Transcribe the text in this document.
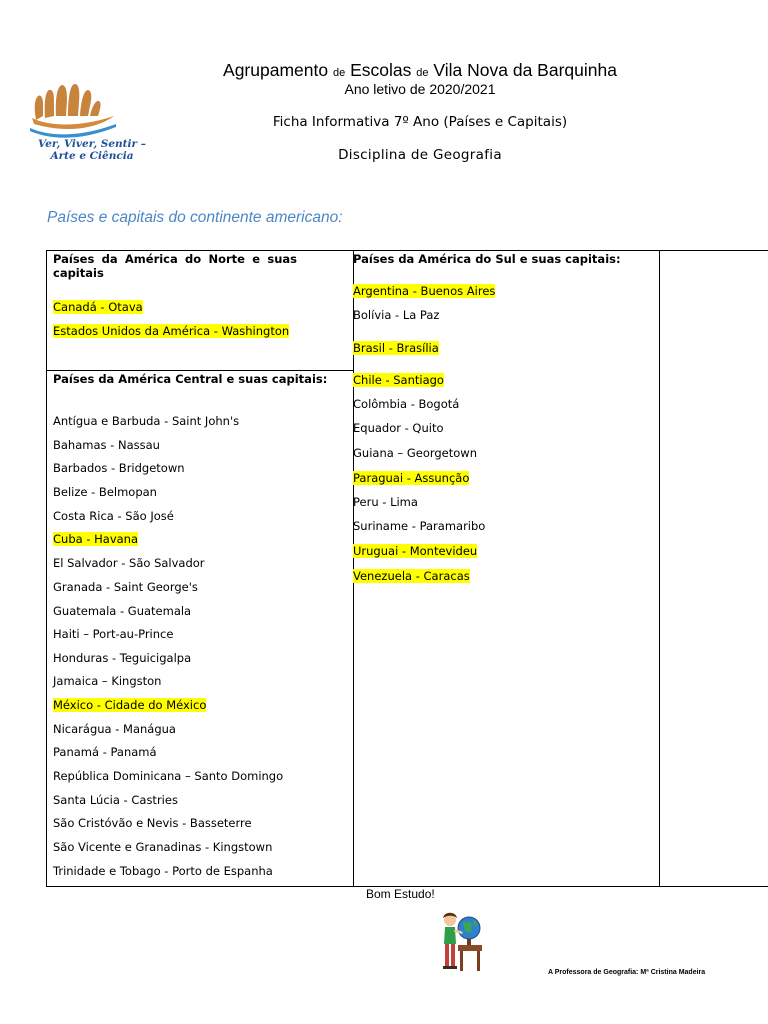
Ver, Viver, Sentir –
Arte e Ciência
Agrupamento de Escolas de Vila Nova da Barquinha
Ano letivo de 2020/2021
Ficha Informativa 7º Ano (Países e Capitais)
Disciplina de Geografia
Países e capitais do continente americano:
Países da América do Norte e suas capitais
Canadá - Otava
Estados Unidos da América - Washington
Países da América Central e suas capitais:
Antígua e Barbuda - Saint John's
Bahamas - Nassau
Barbados - Bridgetown
Belize - Belmopan
Costa Rica - São José
Cuba - Havana
El Salvador - São Salvador
Granada - Saint George's
Guatemala - Guatemala
Haiti – Port-au-Prince
Honduras - Teguicigalpa
Jamaica – Kingston
México - Cidade do México
Nicarágua - Manágua
Panamá - Panamá
República Dominicana – Santo Domingo
Santa Lúcia - Castries
São Cristóvão e Nevis - Basseterre
São Vicente e Granadinas - Kingstown
Trinidade e Tobago - Porto de Espanha
Países da América do Sul e suas capitais:
Argentina - Buenos Aires
Bolívia - La Paz
Brasil - Brasília
Chile - Santiago
Colômbia - Bogotá
Equador - Quito
Guiana – Georgetown
Paraguai - Assunção
Peru - Lima
Suriname - Paramaribo
Uruguai - Montevideu
Venezuela - Caracas
Bom Estudo!
A Professora de Geografia: Mª Cristina Madeira
